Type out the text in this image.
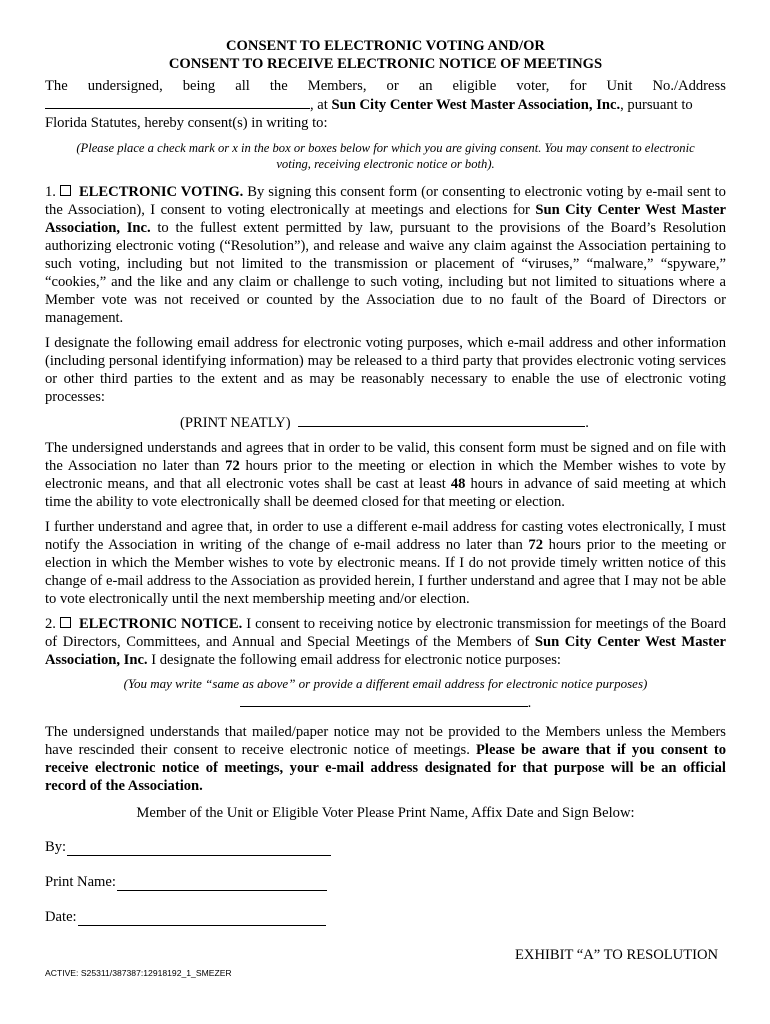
CONSENT TO ELECTRONIC VOTING AND/OR
CONSENT TO RECEIVE ELECTRONIC NOTICE OF MEETINGS
The undersigned, being all the Members, or an eligible voter, for Unit No./Address
, at Sun City Center West Master Association, Inc., pursuant to
Florida Statutes, hereby consent(s) in writing to:
(Please place a check mark or x in the box or boxes below for which you are giving consent. You may consent to electronic voting, receiving electronic notice or both).
1. ELECTRONIC VOTING. By signing this consent form (or consenting to electronic voting by e-mail sent to the Association), I consent to voting electronically at meetings and elections for Sun City Center West Master Association, Inc. to the fullest extent permitted by law, pursuant to the provisions of the Board’s Resolution authorizing electronic voting (“Resolution”), and release and waive any claim against the Association pertaining to such voting, including but not limited to the transmission or placement of “viruses,” “malware,” “spyware,” “cookies,” and the like and any claim or challenge to such voting, including but not limited to situations where a Member vote was not received or counted by the Association due to no fault of the Board of Directors or management.
I designate the following email address for electronic voting purposes, which e-mail address and other information (including personal identifying information) may be released to a third party that provides electronic voting services or other third parties to the extent and as may be reasonably necessary to enable the use of electronic voting processes:
(PRINT NEATLY)	.
The undersigned understands and agrees that in order to be valid, this consent form must be signed and on file with the Association no later than 72 hours prior to the meeting or election in which the Member wishes to vote by electronic means, and that all electronic votes shall be cast at least 48 hours in advance of said meeting at which time the ability to vote electronically shall be deemed closed for that meeting or election.
I further understand and agree that, in order to use a different e-mail address for casting votes electronically, I must notify the Association in writing of the change of e-mail address no later than 72 hours prior to the meeting or election in which the Member wishes to vote by electronic means. If I do not provide timely written notice of this change of e-mail address to the Association as provided herein, I further understand and agree that I may not be able to vote electronically until the next membership meeting and/or election.
2. ELECTRONIC NOTICE. I consent to receiving notice by electronic transmission for meetings of the Board of Directors, Committees, and Annual and Special Meetings of the Members of Sun City Center West Master Association, Inc. I designate the following email address for electronic notice purposes:
(You may write “same as above” or provide a different email address for electronic notice purposes)
.
The undersigned understands that mailed/paper notice may not be provided to the Members unless the Members have rescinded their consent to receive electronic notice of meetings. Please be aware that if you consent to receive electronic notice of meetings, your e-mail address designated for that purpose will be an official record of the Association.
Member of the Unit or Eligible Voter Please Print Name, Affix Date and Sign Below:
By:
Print Name:
Date:
EXHIBIT “A” TO RESOLUTION
ACTIVE: S25311/387387:12918192_1_SMEZER
